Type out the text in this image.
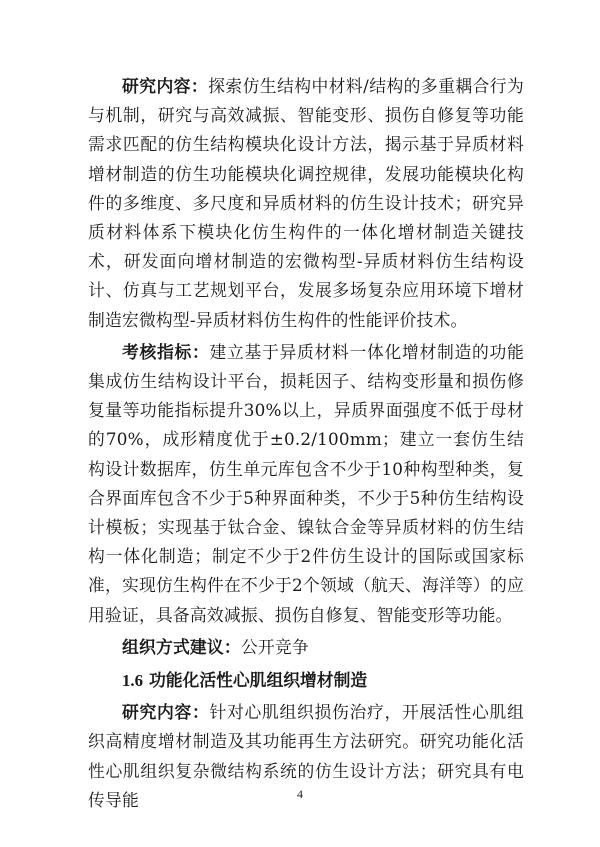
研究内容：探索仿生结构中材料/结构的多重耦合行为与机制，研究与高效减振、智能变形、损伤自修复等功能需求匹配的仿生结构模块化设计方法，揭示基于异质材料增材制造的仿生功能模块化调控规律，发展功能模块化构件的多维度、多尺度和异质材料的仿生设计技术；研究异质材料体系下模块化仿生构件的一体化增材制造关键技术，研发面向增材制造的宏微构型-异质材料仿生结构设计、仿真与工艺规划平台，发展多场复杂应用环境下增材制造宏微构型-异质材料仿生构件的性能评价技术。

考核指标：建立基于异质材料一体化增材制造的功能集成仿生结构设计平台，损耗因子、结构变形量和损伤修复量等功能指标提升30%以上，异质界面强度不低于母材的70%，成形精度优于±0.2/100mm；建立一套仿生结构设计数据库，仿生单元库包含不少于10种构型种类，复合界面库包含不少于5种界面种类，不少于5种仿生结构设计模板；实现基于钛合金、镍钛合金等异质材料的仿生结构一体化制造；制定不少于2件仿生设计的国际或国家标准，实现仿生构件在不少于2个领域（航天、海洋等）的应用验证，具备高效减振、损伤自修复、智能变形等功能。

组织方式建议：公开竞争

1.6 功能化活性心肌组织增材制造

研究内容：针对心肌组织损伤治疗，开展活性心肌组织高精度增材制造及其功能再生方法研究。研究功能化活性心肌组织复杂微结构系统的仿生设计方法；研究具有电传导能	4
